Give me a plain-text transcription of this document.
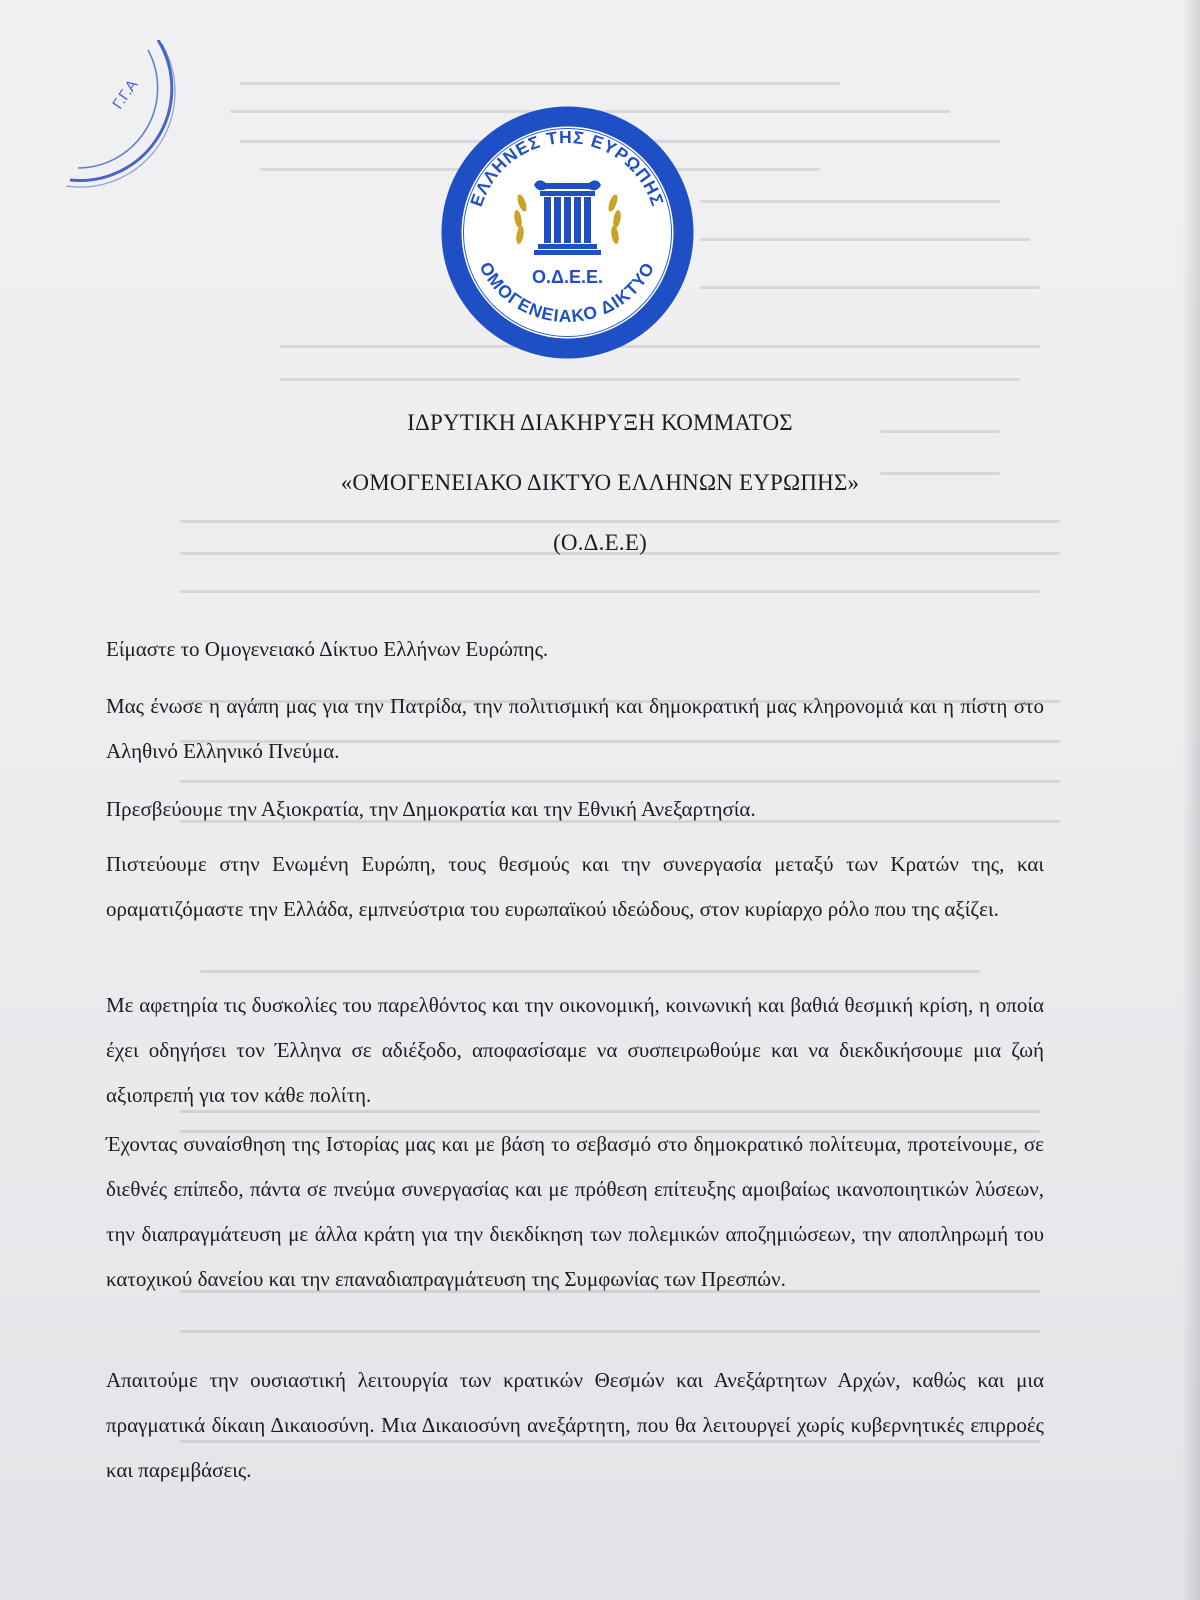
Γ.Γ.Α
ΕΛΛΗΝΕΣ ΤΗΣ ΕΥΡΩΠΗΣ
ΟΜΟΓΕΝΕΙΑΚΟ ΔΙΚΤΥΟ
Ο.Δ.Ε.Ε.
ΙΔΡΥΤΙΚΗ ΔΙΑΚΗΡΥΞΗ ΚΟΜΜΑΤΟΣ
«ΟΜΟΓΕΝΕΙΑΚΟ ΔΙΚΤΥΟ ΕΛΛΗΝΩΝ ΕΥΡΩΠΗΣ»
(Ο.Δ.Ε.Ε)

Είμαστε το Ομογενειακό Δίκτυο Ελλήνων Ευρώπης.

Μας ένωσε η αγάπη μας για την Πατρίδα, την πολιτισμική και δημοκρατική μας κληρονομιά και η πίστη στο Αληθινό Ελληνικό Πνεύμα.

Πρεσβεύουμε την Αξιοκρατία, την Δημοκρατία και την Εθνική Ανεξαρτησία.

Πιστεύουμε στην Ενωμένη Ευρώπη, τους θεσμούς και την συνεργασία μεταξύ των Κρατών της, και οραματιζόμαστε την Ελλάδα, εμπνεύστρια του ευρωπαϊκού ιδεώδους, στον κυρίαρχο ρόλο που της αξίζει.

Με αφετηρία τις δυσκολίες του παρελθόντος και την οικονομική, κοινωνική και βαθιά θεσμική κρίση, η οποία έχει οδηγήσει τον Έλληνα σε αδιέξοδο, αποφασίσαμε να συσπειρωθούμε και να διεκδικήσουμε μια ζωή αξιοπρεπή για τον κάθε πολίτη.

Έχοντας συναίσθηση της Ιστορίας μας και με βάση το σεβασμό στο δημοκρατικό πολίτευμα, προτείνουμε, σε διεθνές επίπεδο, πάντα σε πνεύμα συνεργασίας και με πρόθεση επίτευξης αμοιβαίως ικανοποιητικών λύσεων, την διαπραγμάτευση με άλλα κράτη για την διεκδίκηση των πολεμικών αποζημιώσεων, την αποπληρωμή του κατοχικού δανείου και την επαναδιαπραγμάτευση της Συμφωνίας των Πρεσπών.

Απαιτούμε την ουσιαστική λειτουργία των κρατικών Θεσμών και Ανεξάρτητων Αρχών, καθώς και μια πραγματικά δίκαιη Δικαιοσύνη. Μια Δικαιοσύνη ανεξάρτητη, που θα λειτουργεί χωρίς κυβερνητικές επιρροές και παρεμβάσεις.
